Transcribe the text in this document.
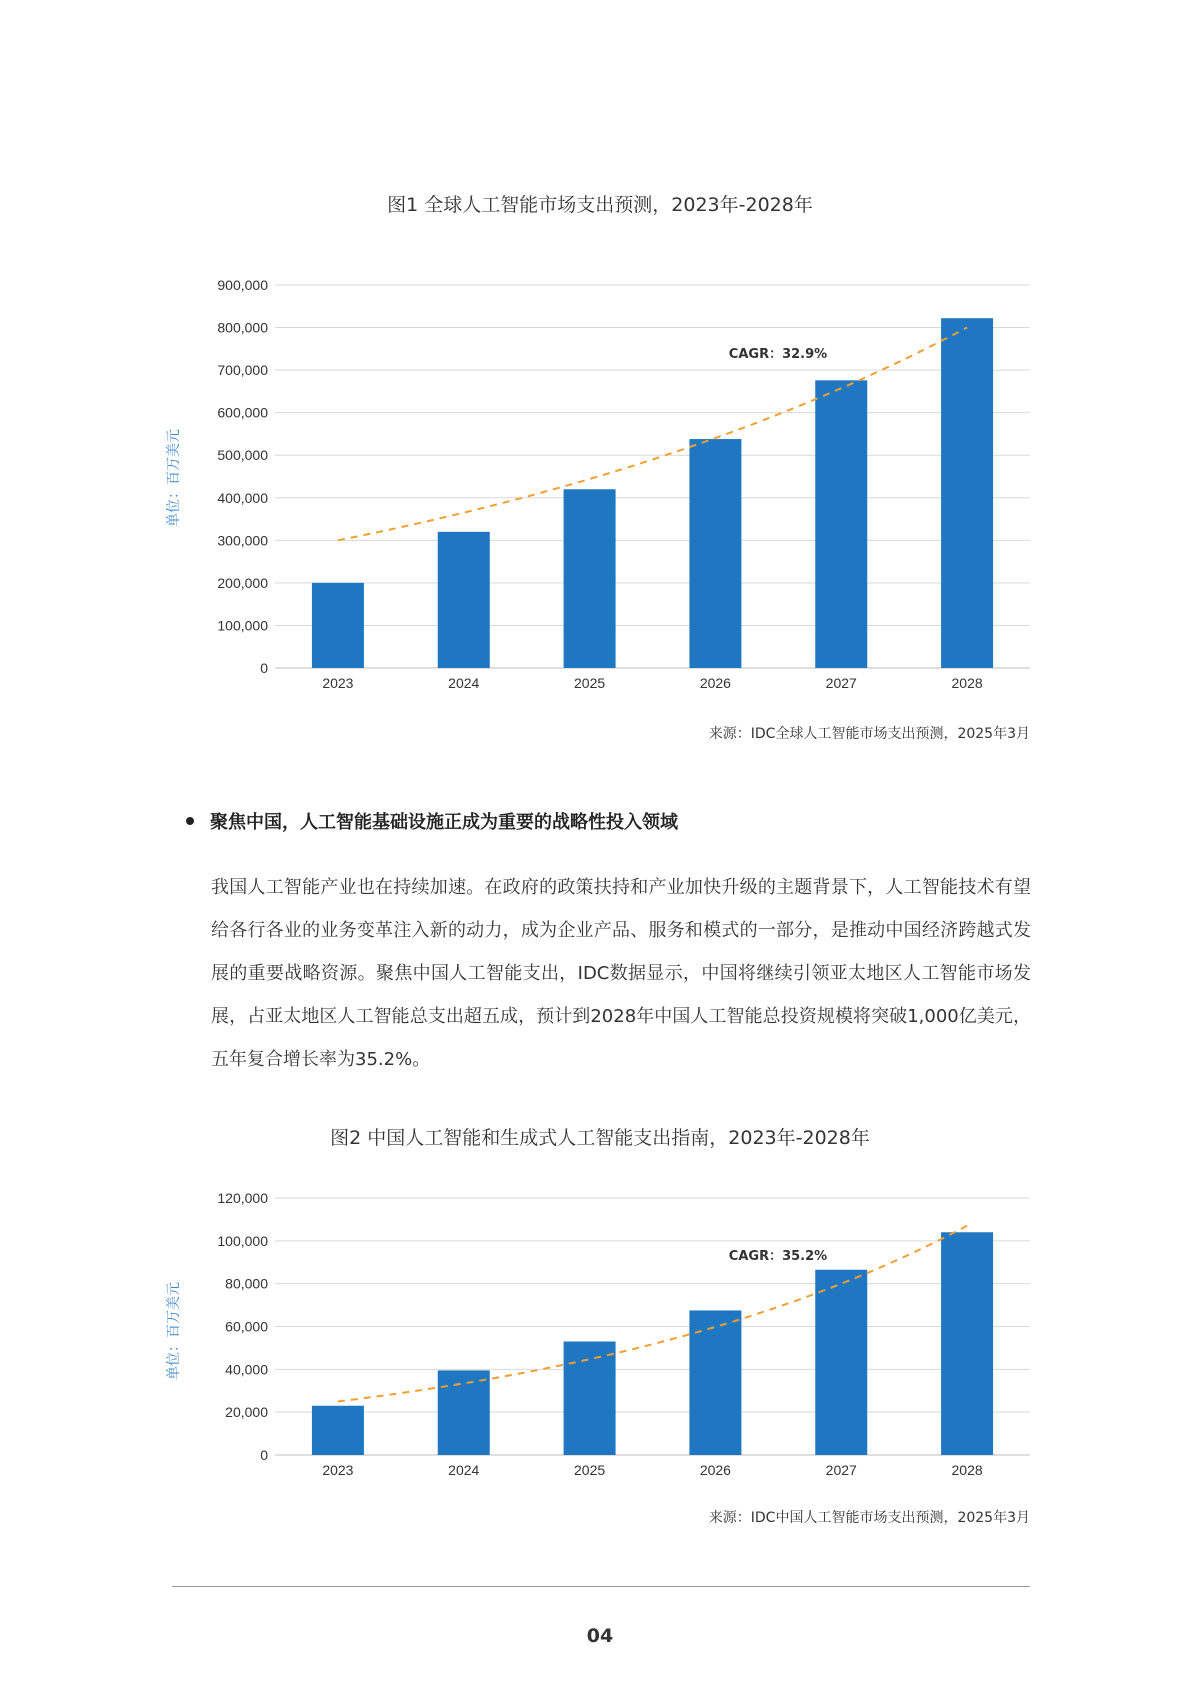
图1 全球人工智能市场支出预测，2023年-2028年
0
100,000
200,000
300,000
400,000
500,000
600,000
700,000
800,000
900,000
2023	2024	2025	2026	2027	2028
CAGR：32.9%
单位：百万美元
来源：IDC全球人工智能市场支出预测，2025年3月
聚焦中国，人工智能基础设施正成为重要的战略性投入领域

我国人工智能产业也在持续加速。在政府的政策扶持和产业加快升级的主题背景下，人工智能技术有望给各行各业的业务变革注入新的动力，成为企业产品、服务和模式的一部分，是推动中国经济跨越式发展的重要战略资源。聚焦中国人工智能支出，IDC数据显示，中国将继续引领亚太地区人工智能市场发展，占亚太地区人工智能总支出超五成，预计到2028年中国人工智能总投资规模将突破1,000亿美元，五年复合增长率为35.2%。

图2 中国人工智能和生成式人工智能支出指南，2023年-2028年
0
20,000
40,000
60,000
80,000
100,000
120,000
2023	2024	2025	2026	2027	2028
CAGR：35.2%
单位：百万美元
来源：IDC中国人工智能市场支出预测，2025年3月
04
